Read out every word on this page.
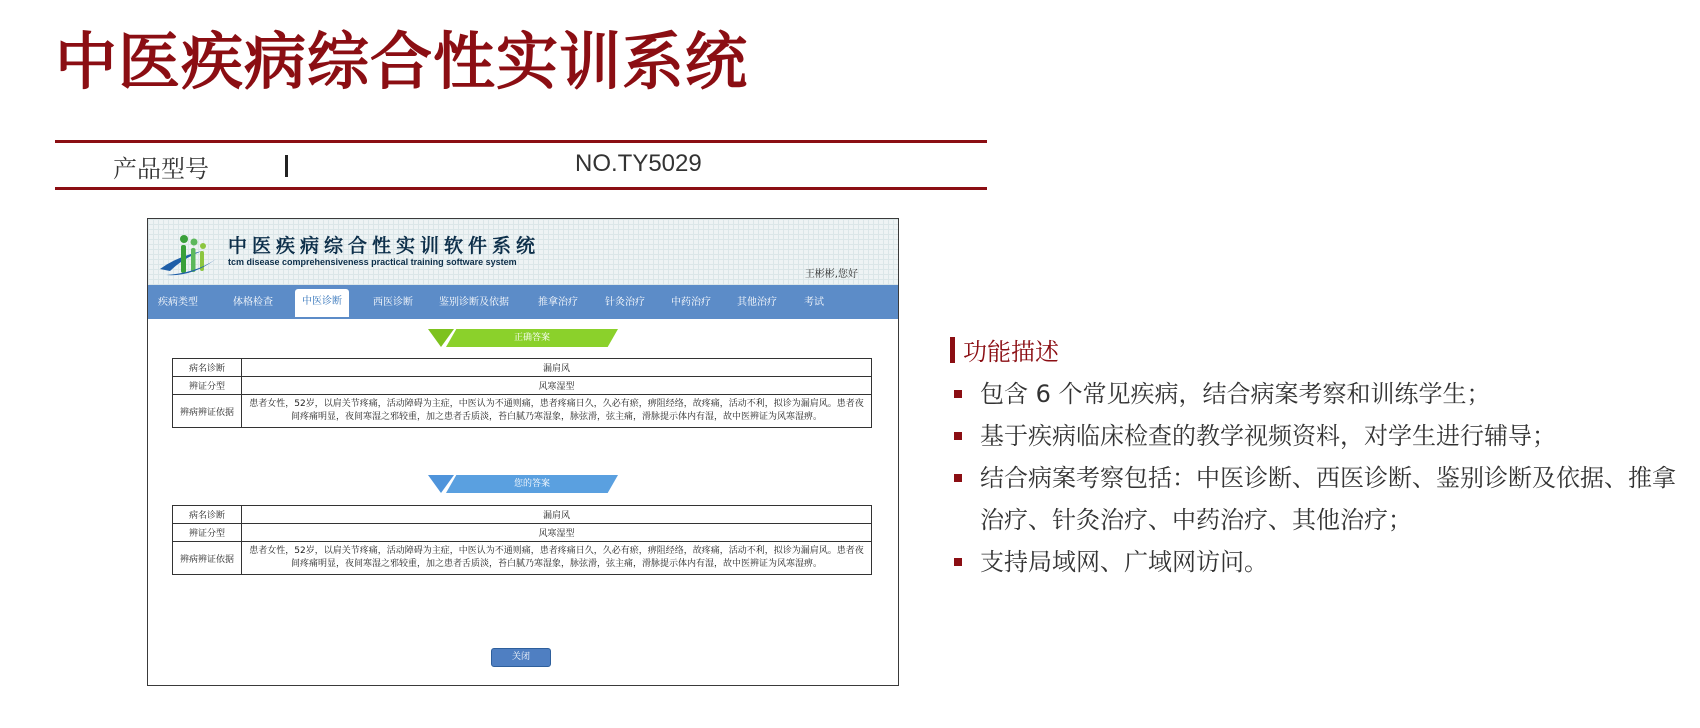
中医疾病综合性实训系统
产品型号	NO.TY5029
中医疾病综合性实训软件系统
tcm disease comprehensiveness practical training software system
王彬彬,您好
疾病类型	体格检查	中医诊断	西医诊断	鉴别诊断及依据	推拿治疗	针灸治疗	中药治疗	其他治疗	考试
正确答案
病名诊断	漏肩风
辨证分型	风寒湿型
辨病辨证依据	患者女性，52岁，以肩关节疼痛，活动障碍为主症，中医认为不通则痛，患者疼痛日久，久必有瘀，痹阻经络，故疼痛，活动不利，拟诊为漏肩风。患者夜间疼痛明显，夜间寒湿之邪较重，加之患者舌质淡，苔白腻乃寒湿象，脉弦滑，弦主痛，滑脉提示体内有湿，故中医辨证为风寒湿痹。
您的答案
病名诊断	漏肩风
辨证分型	风寒湿型
辨病辨证依据	患者女性，52岁，以肩关节疼痛，活动障碍为主症，中医认为不通则痛，患者疼痛日久，久必有瘀，痹阻经络，故疼痛，活动不利，拟诊为漏肩风。患者夜间疼痛明显，夜间寒湿之邪较重，加之患者舌质淡，苔白腻乃寒湿象，脉弦滑，弦主痛，滑脉提示体内有湿，故中医辨证为风寒湿痹。
关闭
功能描述
包含 6 个常见疾病，结合病案考察和训练学生；
基于疾病临床检查的教学视频资料，对学生进行辅导；
结合病案考察包括：中医诊断、西医诊断、鉴别诊断及依据、推拿治疗、针灸治疗、中药治疗、其他治疗；
支持局域网、广域网访问。
